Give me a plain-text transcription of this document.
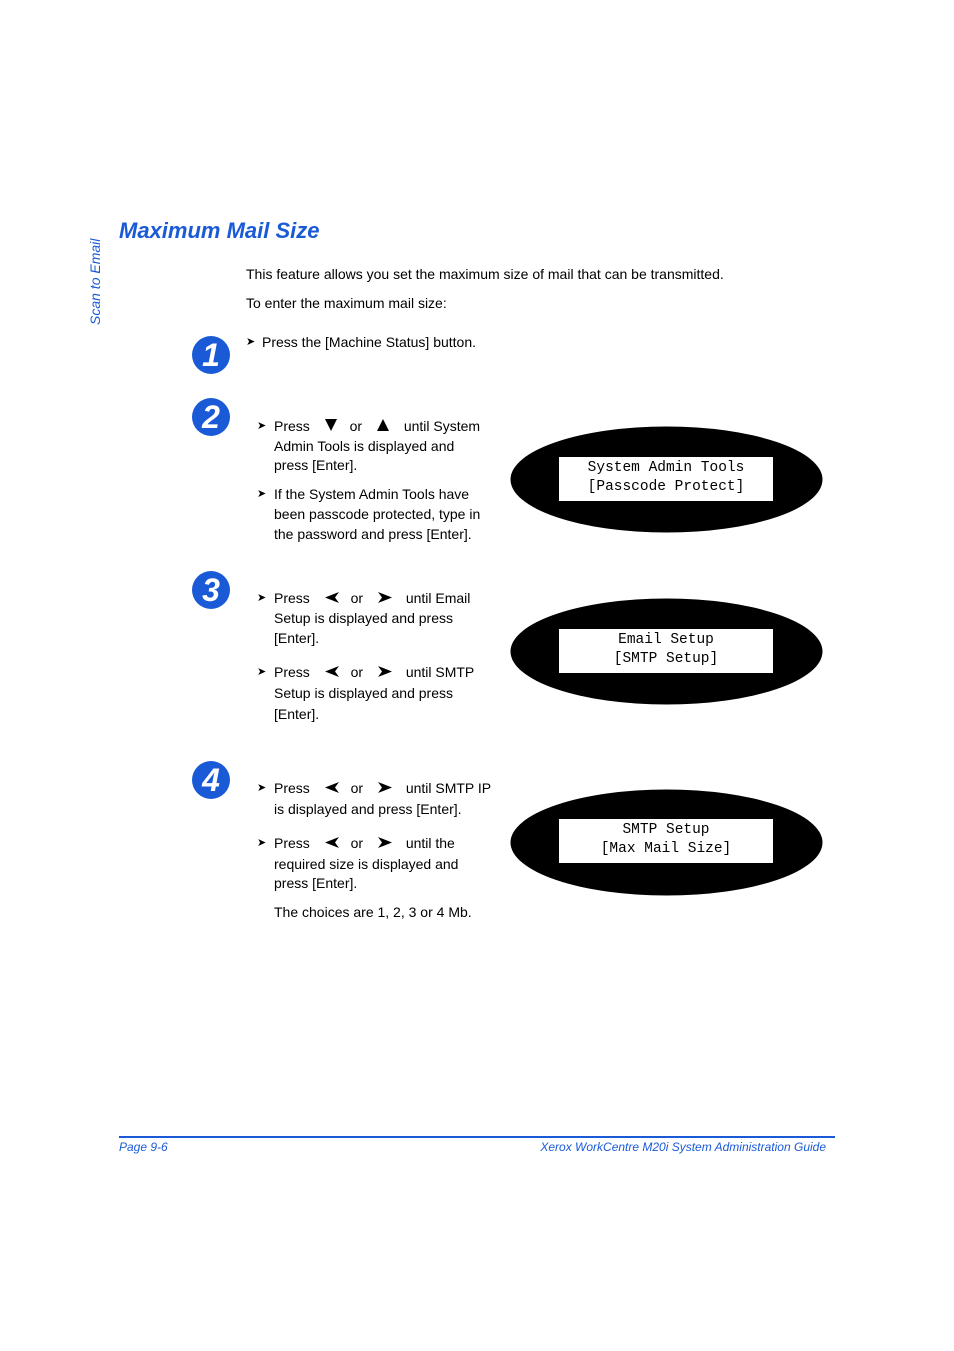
Scan to Email
Maximum Mail Size
This feature allows you set the maximum size of mail that can be transmitted.
To enter the maximum mail size:
1 ➤ Press the [Machine Status] button.
2	➤ Press	or	until System
Admin Tools is displayed and
press [Enter].
➤ If the System Admin Tools have
been passcode protected, type in
the password and press [Enter].
System Admin Tools
[Passcode Protect]
3	➤ Press	or	until Email
Setup is displayed and press
[Enter].
➤ Press	or	until SMTP
Setup is displayed and press
[Enter].
Email Setup
[SMTP Setup]
4	➤ Press	or	until SMTP IP
is displayed and press [Enter].
➤ Press	or	until the
required size is displayed and
press [Enter].
The choices are 1, 2, 3 or 4 Mb.
SMTP Setup
[Max Mail Size]
Page 9-6	Xerox WorkCentre M20i System Administration Guide
